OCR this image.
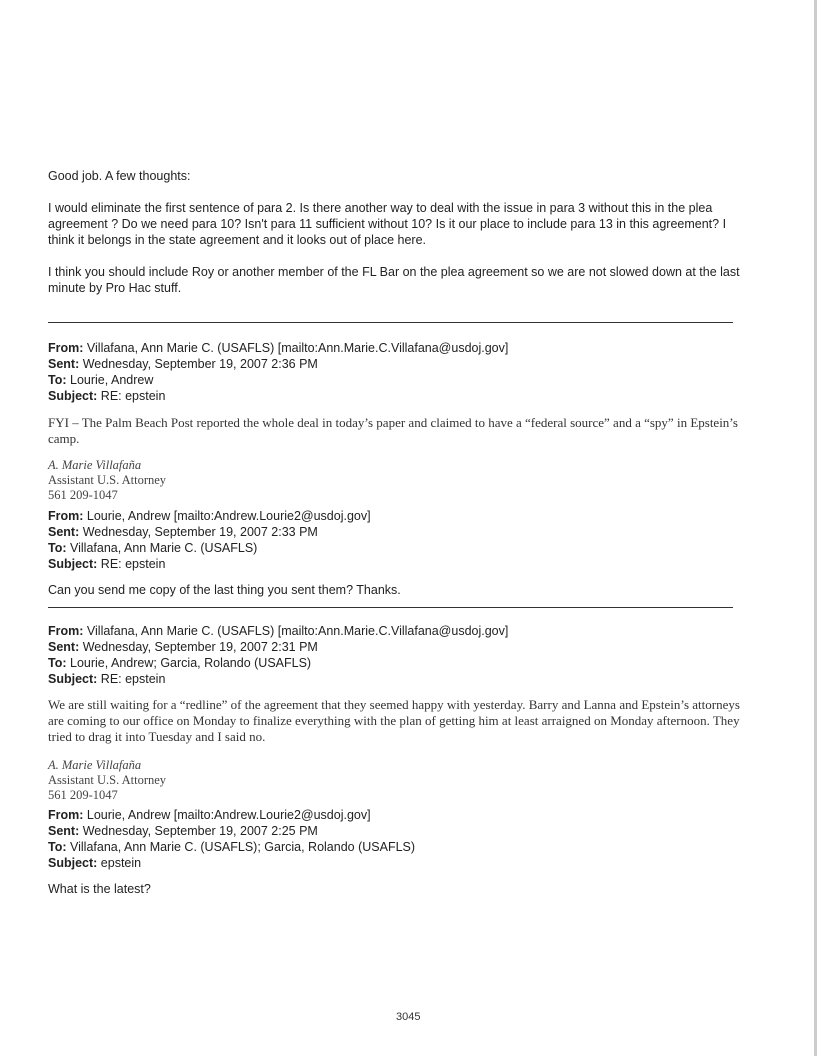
Good job. A few thoughts:

I would eliminate the first sentence of para 2. Is there another way to deal with the issue in para 3 without this in the plea agreement ? Do we need para 10? Isn't para 11 sufficient without 10? Is it our place to include para 13 in this agreement? I think it belongs in the state agreement and it looks out of place here.

I think you should include Roy or another member of the FL Bar on the plea agreement so we are not slowed down at the last minute by Pro Hac stuff.

From: Villafana, Ann Marie C. (USAFLS) [mailto:Ann.Marie.C.Villafana@usdoj.gov]
Sent: Wednesday, September 19, 2007 2:36 PM
To: Lourie, Andrew
Subject: RE: epstein

FYI – The Palm Beach Post reported the whole deal in today’s paper and claimed to have a “federal source” and a “spy” in Epstein’s camp.

A. Marie Villafaña
Assistant U.S. Attorney
561 209-1047
From: Lourie, Andrew [mailto:Andrew.Lourie2@usdoj.gov]
Sent: Wednesday, September 19, 2007 2:33 PM
To: Villafana, Ann Marie C. (USAFLS)
Subject: RE: epstein

Can you send me copy of the last thing you sent them? Thanks.

From: Villafana, Ann Marie C. (USAFLS) [mailto:Ann.Marie.C.Villafana@usdoj.gov]
Sent: Wednesday, September 19, 2007 2:31 PM
To: Lourie, Andrew; Garcia, Rolando (USAFLS)
Subject: RE: epstein

We are still waiting for a “redline” of the agreement that they seemed happy with yesterday. Barry and Lanna and Epstein’s attorneys are coming to our office on Monday to finalize everything with the plan of getting him at least arraigned on Monday afternoon. They tried to drag it into Tuesday and I said no.

A. Marie Villafaña
Assistant U.S. Attorney
561 209-1047
From: Lourie, Andrew [mailto:Andrew.Lourie2@usdoj.gov]
Sent: Wednesday, September 19, 2007 2:25 PM
To: Villafana, Ann Marie C. (USAFLS); Garcia, Rolando (USAFLS)
Subject: epstein

What is the latest?

3045
